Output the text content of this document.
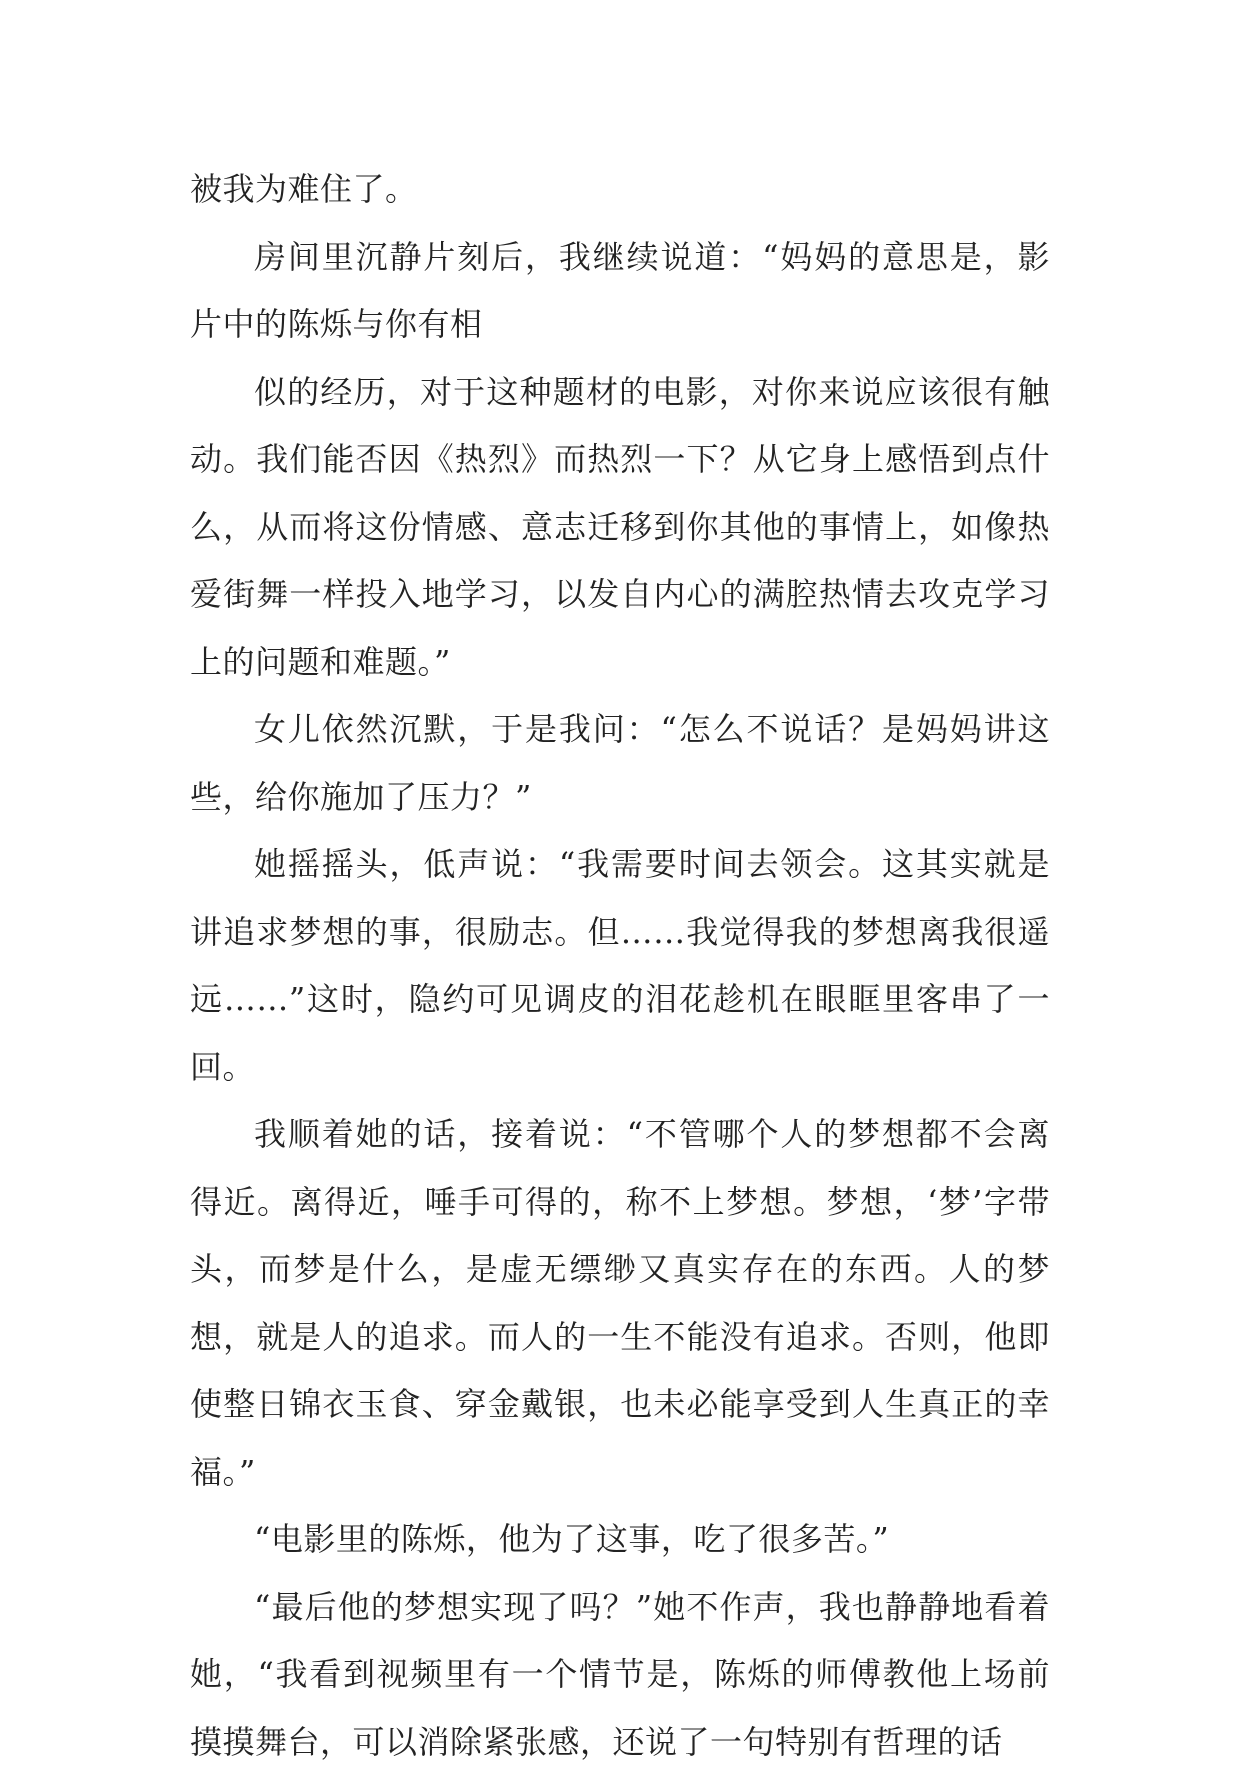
被我为难住了。

房间里沉静片刻后，我继续说道：“妈妈的意思是，影片中的陈烁与你有相

似的经历，对于这种题材的电影，对你来说应该很有触动。我们能否因《热烈》而热烈一下？从它身上感悟到点什么，从而将这份情感、意志迁移到你其他的事情上，如像热爱街舞一样投入地学习，以发自内心的满腔热情去攻克学习上的问题和难题。”

女儿依然沉默，于是我问：“怎么不说话？是妈妈讲这些，给你施加了压力？”

她摇摇头，低声说：“我需要时间去领会。这其实就是讲追求梦想的事，很励志。但……我觉得我的梦想离我很遥远……”这时，隐约可见调皮的泪花趁机在眼眶里客串了一回。

我顺着她的话，接着说：“不管哪个人的梦想都不会离得近。离得近，唾手可得的，称不上梦想。梦想，‘梦’字带头，而梦是什么，是虚无缥缈又真实存在的东西。人的梦想，就是人的追求。而人的一生不能没有追求。否则，他即使整日锦衣玉食、穿金戴银，也未必能享受到人生真正的幸福。”

“电影里的陈烁，他为了这事，吃了很多苦。”

“最后他的梦想实现了吗？”她不作声，我也静静地看着她，“我看到视频里有一个情节是，陈烁的师傅教他上场前摸摸舞台，可以消除紧张感，还说了一句特别有哲理的话
